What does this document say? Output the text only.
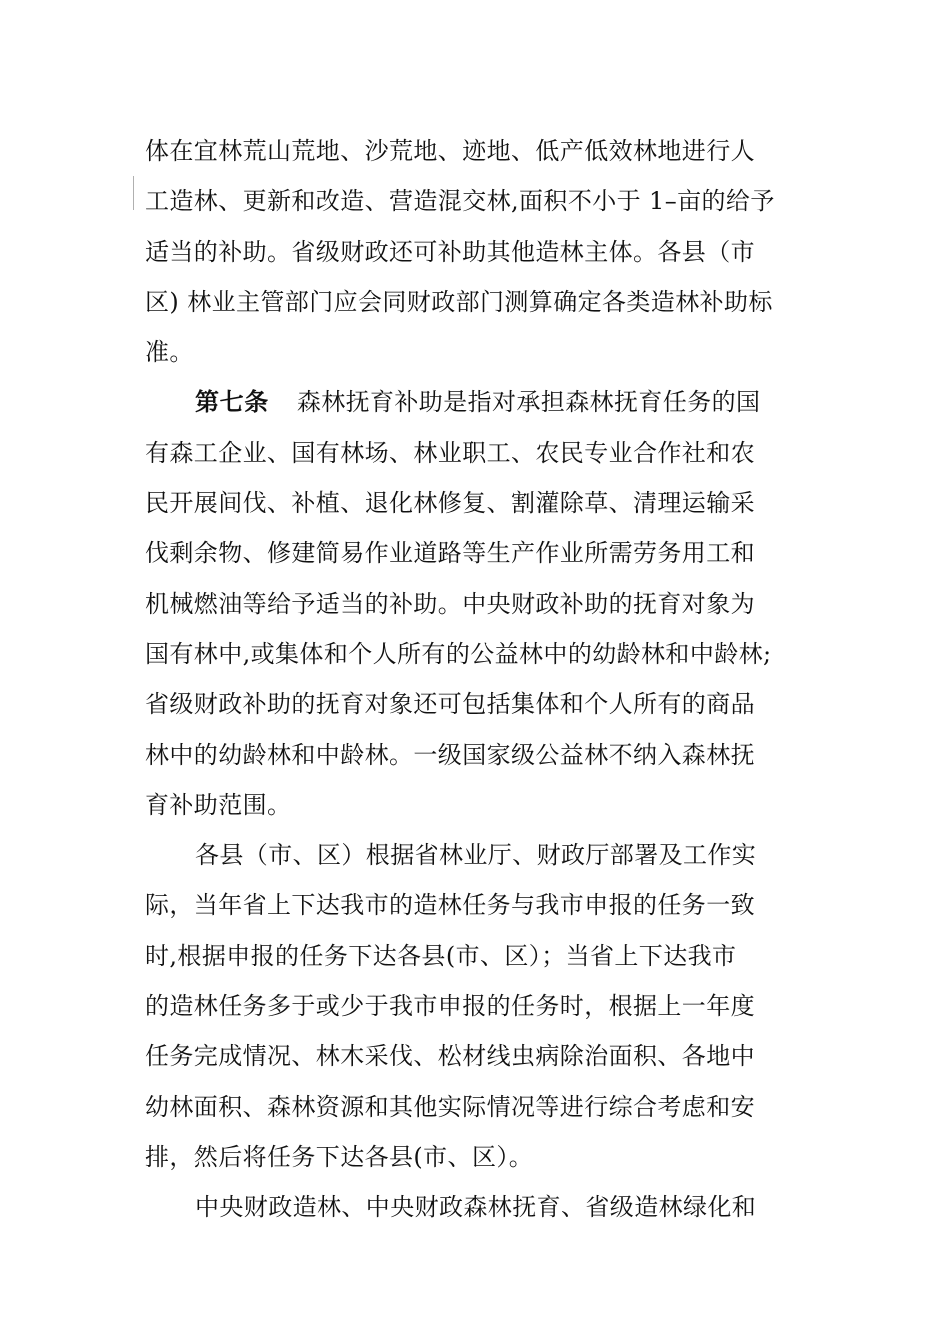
体在宜林荒山荒地、沙荒地、迹地、低产低效林地进行人
工造林、更新和改造、营造混交林,面积不小于 1–亩的给予
适当的补助。省级财政还可补助其他造林主体。各县（市
区) 林业主管部门应会同财政部门测算确定各类造林补助标
准。
第七条 森林抚育补助是指对承担森林抚育任务的国
有森工企业、国有林场、林业职工、农民专业合作社和农
民开展间伐、补植、退化林修复、割灌除草、清理运输采
伐剩余物、修建简易作业道路等生产作业所需劳务用工和
机械燃油等给予适当的补助。中央财政补助的抚育对象为
国有林中,或集体和个人所有的公益林中的幼龄林和中龄林;
省级财政补助的抚育对象还可包括集体和个人所有的商品
林中的幼龄林和中龄林。一级国家级公益林不纳入森林抚
育补助范围。
各县（市、区）根据省林业厅、财政厅部署及工作实
际，当年省上下达我市的造林任务与我市申报的任务一致
时,根据申报的任务下达各县(市、区）；当省上下达我市
的造林任务多于或少于我市申报的任务时，根据上一年度
任务完成情况、林木采伐、松材线虫病除治面积、各地中
幼林面积、森林资源和其他实际情况等进行综合考虑和安
排，然后将任务下达各县(市、区）。
中央财政造林、中央财政森林抚育、省级造林绿化和
